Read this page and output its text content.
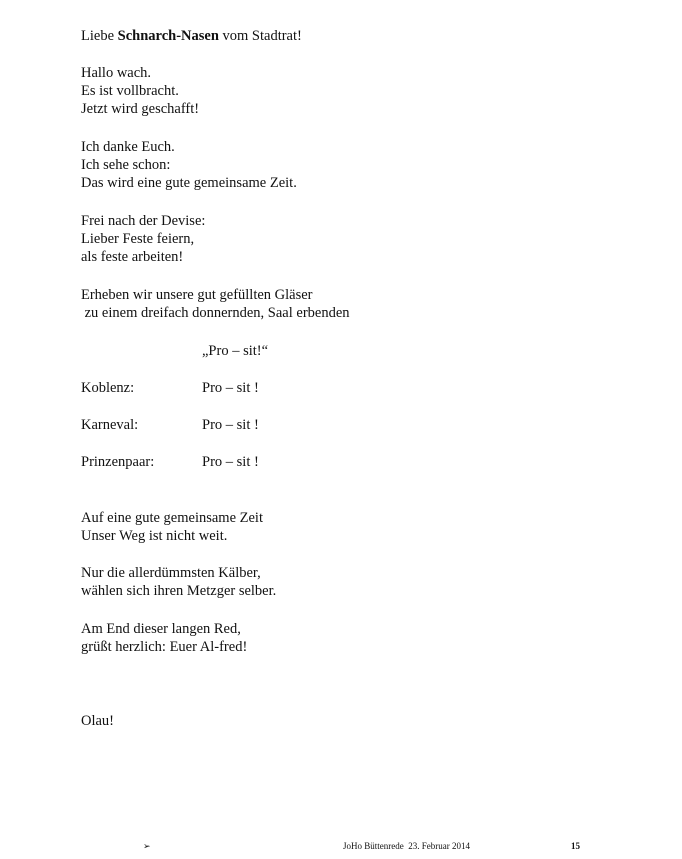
Liebe Schnarch-Nasen vom Stadtrat!
Hallo wach.
Es ist vollbracht.
Jetzt wird geschafft!
Ich danke Euch.
Ich sehe schon:
Das wird eine gute gemeinsame Zeit.
Frei nach der Devise:
Lieber Feste feiern,
als feste arbeiten!
Erheben wir unsere gut gefüllten Gläser
zu einem dreifach donnernden, Saal erbenden
„Pro – sit!“
Koblenz:	Pro – sit !
Karneval:	Pro – sit !
Prinzenpaar:	Pro – sit !
Auf eine gute gemeinsame Zeit
Unser Weg ist nicht weit.
Nur die allerdümmsten Kälber,
wählen sich ihren Metzger selber.
Am End dieser langen Red,
grüßt herzlich: Euer Al-fred!
Olau!
➢	JoHo Büttenrede  23. Februar 2014	15
